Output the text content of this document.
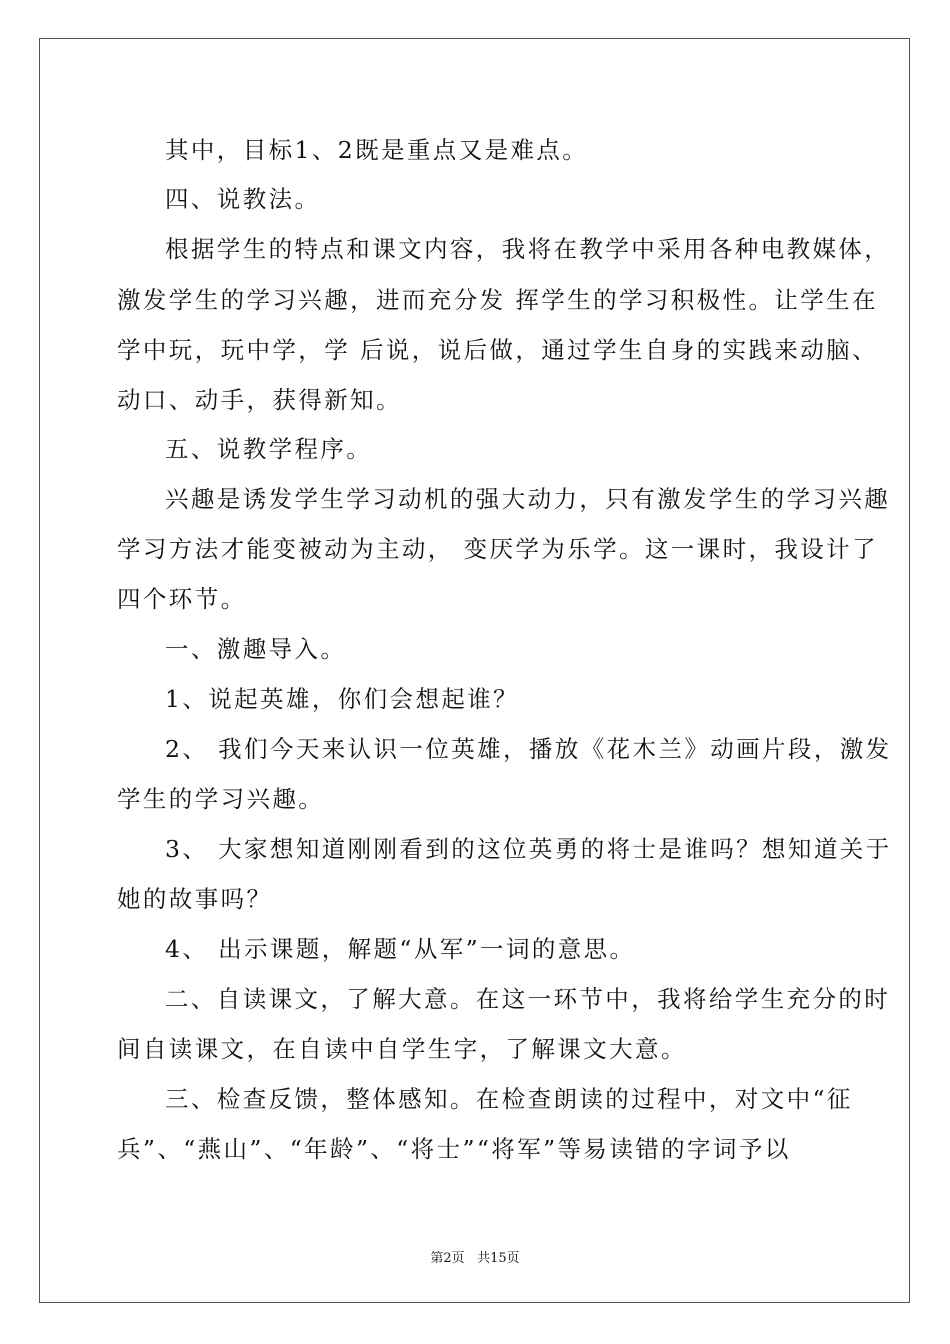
其中，目标1、2既是重点又是难点。

四、说教法。

根据学生的特点和课文内容，我将在教学中采用各种电教媒体，

激发学生的学习兴趣，进而充分发 挥学生的学习积极性。让学生在

学中玩，玩中学，学 后说，说后做，通过学生自身的实践来动脑、

动口、动手，获得新知。

五、说教学程序。

兴趣是诱发学生学习动机的强大动力，只有激发学生的学习兴趣

学习方法才能变被动为主动， 变厌学为乐学。这一课时，我设计了

四个环节。

一、激趣导入。

1、说起英雄，你们会想起谁？

2、 我们今天来认识一位英雄，播放《花木兰》动画片段，激发

学生的学习兴趣。

3、 大家想知道刚刚看到的这位英勇的将士是谁吗？想知道关于

她的故事吗？

4、 出示课题，解题“从军”一词的意思。

二、自读课文，了解大意。在这一环节中，我将给学生充分的时

间自读课文，在自读中自学生字，了解课文大意。

三、检查反馈，整体感知。在检查朗读的过程中，对文中“征

兵”、“燕山”、“年龄”、“将士”“将军”等易读错的字词予以

第2页 共15页
